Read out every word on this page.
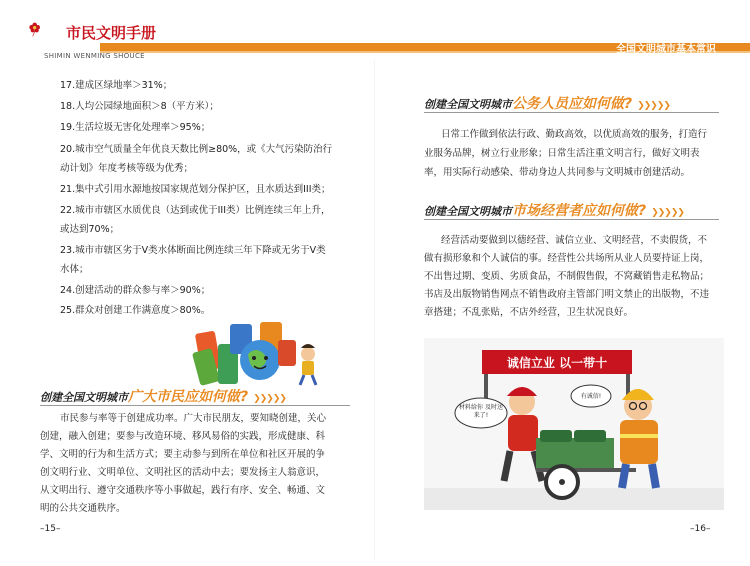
市民文明手册
SHIMIN WENMING SHOUCE
全国文明城市基本常识
17.建成区绿地率＞31%；
18.人均公园绿地面积＞8（平方米）；
19.生活垃圾无害化处理率＞95%；
20.城市空气质量全年优良天数比例≥80%，或《大气污染防治行
动计划》年度考核等级为优秀；
21.集中式引用水源地按国家规范划分保护区，且水质达到III类；
22.城市市辖区水质优良（达到或优于III类）比例连续三年上升，
或达到70%；
23.城市市辖区劣于V类水体断面比例连续三年下降或无劣于V类
水体；
24.创建活动的群众参与率＞90%；
25.群众对创建工作满意度＞80%。
创建全国文明城市广大市民应如何做? ❯❯❯❯❯
市民参与率等于创建成功率。广大市民朋友，要知晓创建，关心
创建，融入创建；要参与改造环境、移风易俗的实践，形成健康、科
学、文明的行为和生活方式；要主动参与到所在单位和社区开展的争
创文明行业、文明单位、文明社区的活动中去；要发扬主人翁意识，
从文明出行、遵守交通秩序等小事做起，践行有序、安全、畅通、文
明的公共交通秩序。
–15–
创建全国文明城市公务人员应如何做? ❯❯❯❯❯
日常工作做到依法行政、勤政高效，以优质高效的服务，打造行
业服务品牌，树立行业形象；日常生活注重文明言行，做好文明表
率，用实际行动感染、带动身边人共同参与文明城市创建活动。
创建全国文明城市市场经营者应如何做? ❯❯❯❯❯
经营活动要做到以德经营、诚信立业、文明经营，不卖假货，不
做有损形象和个人诚信的事。经营性公共场所从业人员要持证上岗，
不出售过期、变质、劣质食品，不制假售假，不窝藏销售走私物品；
书店及出版物销售网点不销售政府主管部门明文禁止的出版物，不违
章搭建；不乱张贴，不店外经营，卫生状况良好。
诚信立业 以一带十
材料给你 及时送来了!
有诚信!
–16–
